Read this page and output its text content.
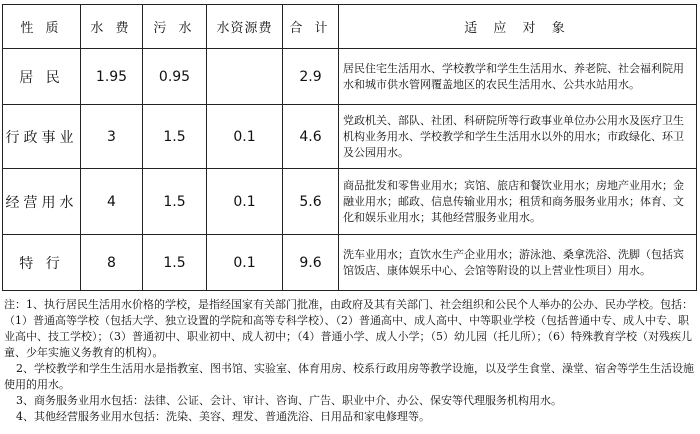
性 质	水 费	污 水	水资源费	合 计	适 应 对 象
居 民	1.95	0.95		2.9	居民住宅生活用水、学校教学和学生生活用水、养老院、社会福利院用水和城市供水管网覆盖地区的农民生活用水、公共水站用水。
行政事业	3	1.5	0.1	4.6	党政机关、部队、社团、科研院所等行政事业单位办公用水及医疗卫生机构业务用水、学校教学和学生生活用水以外的用水；市政绿化、环卫及公园用水。
经营用水	4	1.5	0.1	5.6	商品批发和零售业用水；宾馆、旅店和餐饮业用水；房地产业用水；金融业用水；邮政、信息传输业用水；租赁和商务服务业用水；体育、文化和娱乐业用水；其他经营服务业用水。
特 行	8	1.5	0.1	9.6	洗车业用水；直饮水生产企业用水；游泳池、桑拿洗浴、洗脚（包括宾馆饭店、康体娱乐中心、会馆等附设的以上营业性项目）用水。

注：1、执行居民生活用水价格的学校，是指经国家有关部门批准，由政府及其有关部门、社会组织和公民个人举办的公办、民办学校。包括：（1）普通高等学校（包括大学、独立设置的学院和高等专科学校）、（2）普通高中、成人高中、中等职业学校（包括普通中专、成人中专、职业高中、技工学校）；（3）普通初中、职业初中、成人初中；（4）普通小学、成人小学；（5）幼儿园（托儿所）；（6）特殊教育学校（对残疾儿童、少年实施义务教育的机构）。

2、学校教学和学生生活用水是指教室、图书馆、实验室、体育用房、校系行政用房等教学设施，以及学生食堂、澡堂、宿舍等学生生活设施使用的用水。

3、商务服务业用水包括：法律、公证、会计、审计、咨询、广告、职业中介、办公、保安等代理服务机构用水。

4、其他经营服务业用水包括：洗染、美容、理发、普通洗浴、日用品和家电修理等。
